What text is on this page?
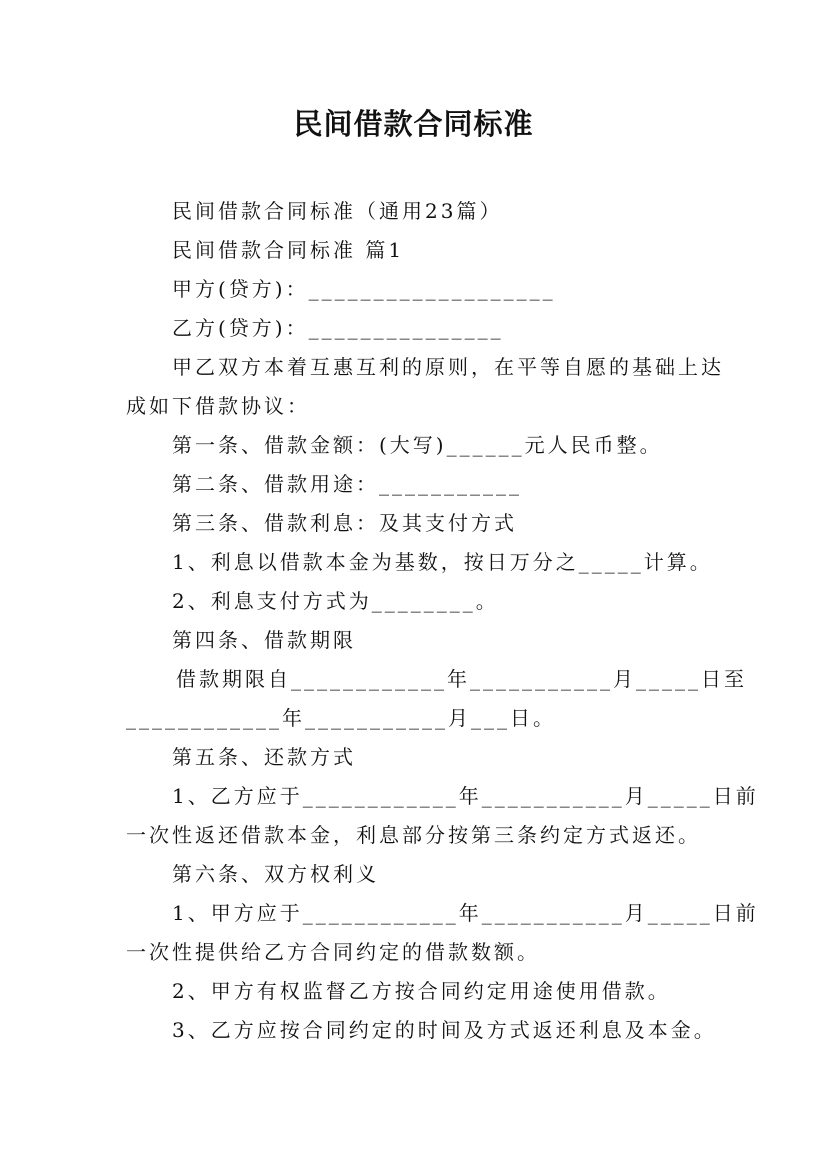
民间借款合同标准
民间借款合同标准（通用23篇）
民间借款合同标准 篇1
甲方(贷方)：___________________
乙方(贷方)：_______________
甲乙双方本着互惠互利的原则，在平等自愿的基础上达
成如下借款协议：
第一条、借款金额：(大写)______元人民币整。
第二条、借款用途：___________
第三条、借款利息：及其支付方式
1、利息以借款本金为基数，按日万分之_____计算。
2、利息支付方式为________。
第四条、借款期限
借款期限自____________年___________月_____日至
____________年___________月___日。
第五条、还款方式
1、乙方应于____________年___________月_____日前
一次性返还借款本金，利息部分按第三条约定方式返还。
第六条、双方权利义
1、甲方应于____________年___________月_____日前
一次性提供给乙方合同约定的借款数额。
2、甲方有权监督乙方按合同约定用途使用借款。
3、乙方应按合同约定的时间及方式返还利息及本金。
